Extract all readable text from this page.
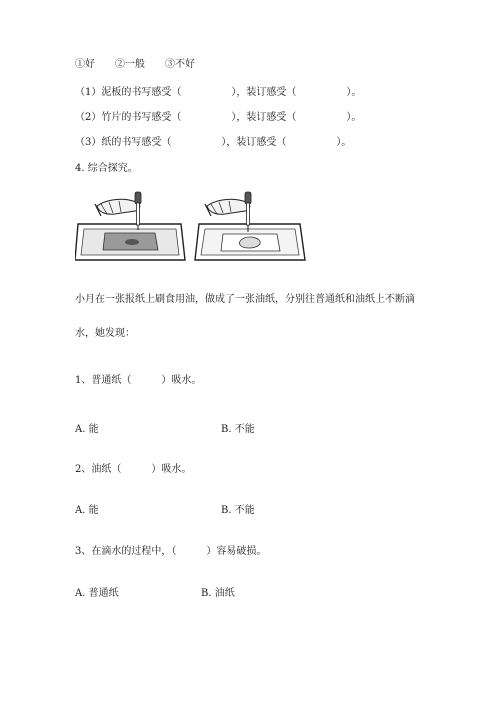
①好　　②一般　　③不好
（1）泥板的书写感受（　　　　　），装订感受（　　　　　）。
（2）竹片的书写感受（　　　　　），装订感受（　　　　　）。
（3）纸的书写感受（　　　　　），装订感受（　　　　　）。
4. 综合探究。
小月在一张报纸上刷食用油，做成了一张油纸，分别往普通纸和油纸上不断滴
水，她发现：
1、普通纸（　　　）吸水。
A. 能	B. 不能
2、油纸（　　　）吸水。
A. 能	B. 不能
3、在滴水的过程中，（　　　）容易破损。
A. 普通纸	B. 油纸
